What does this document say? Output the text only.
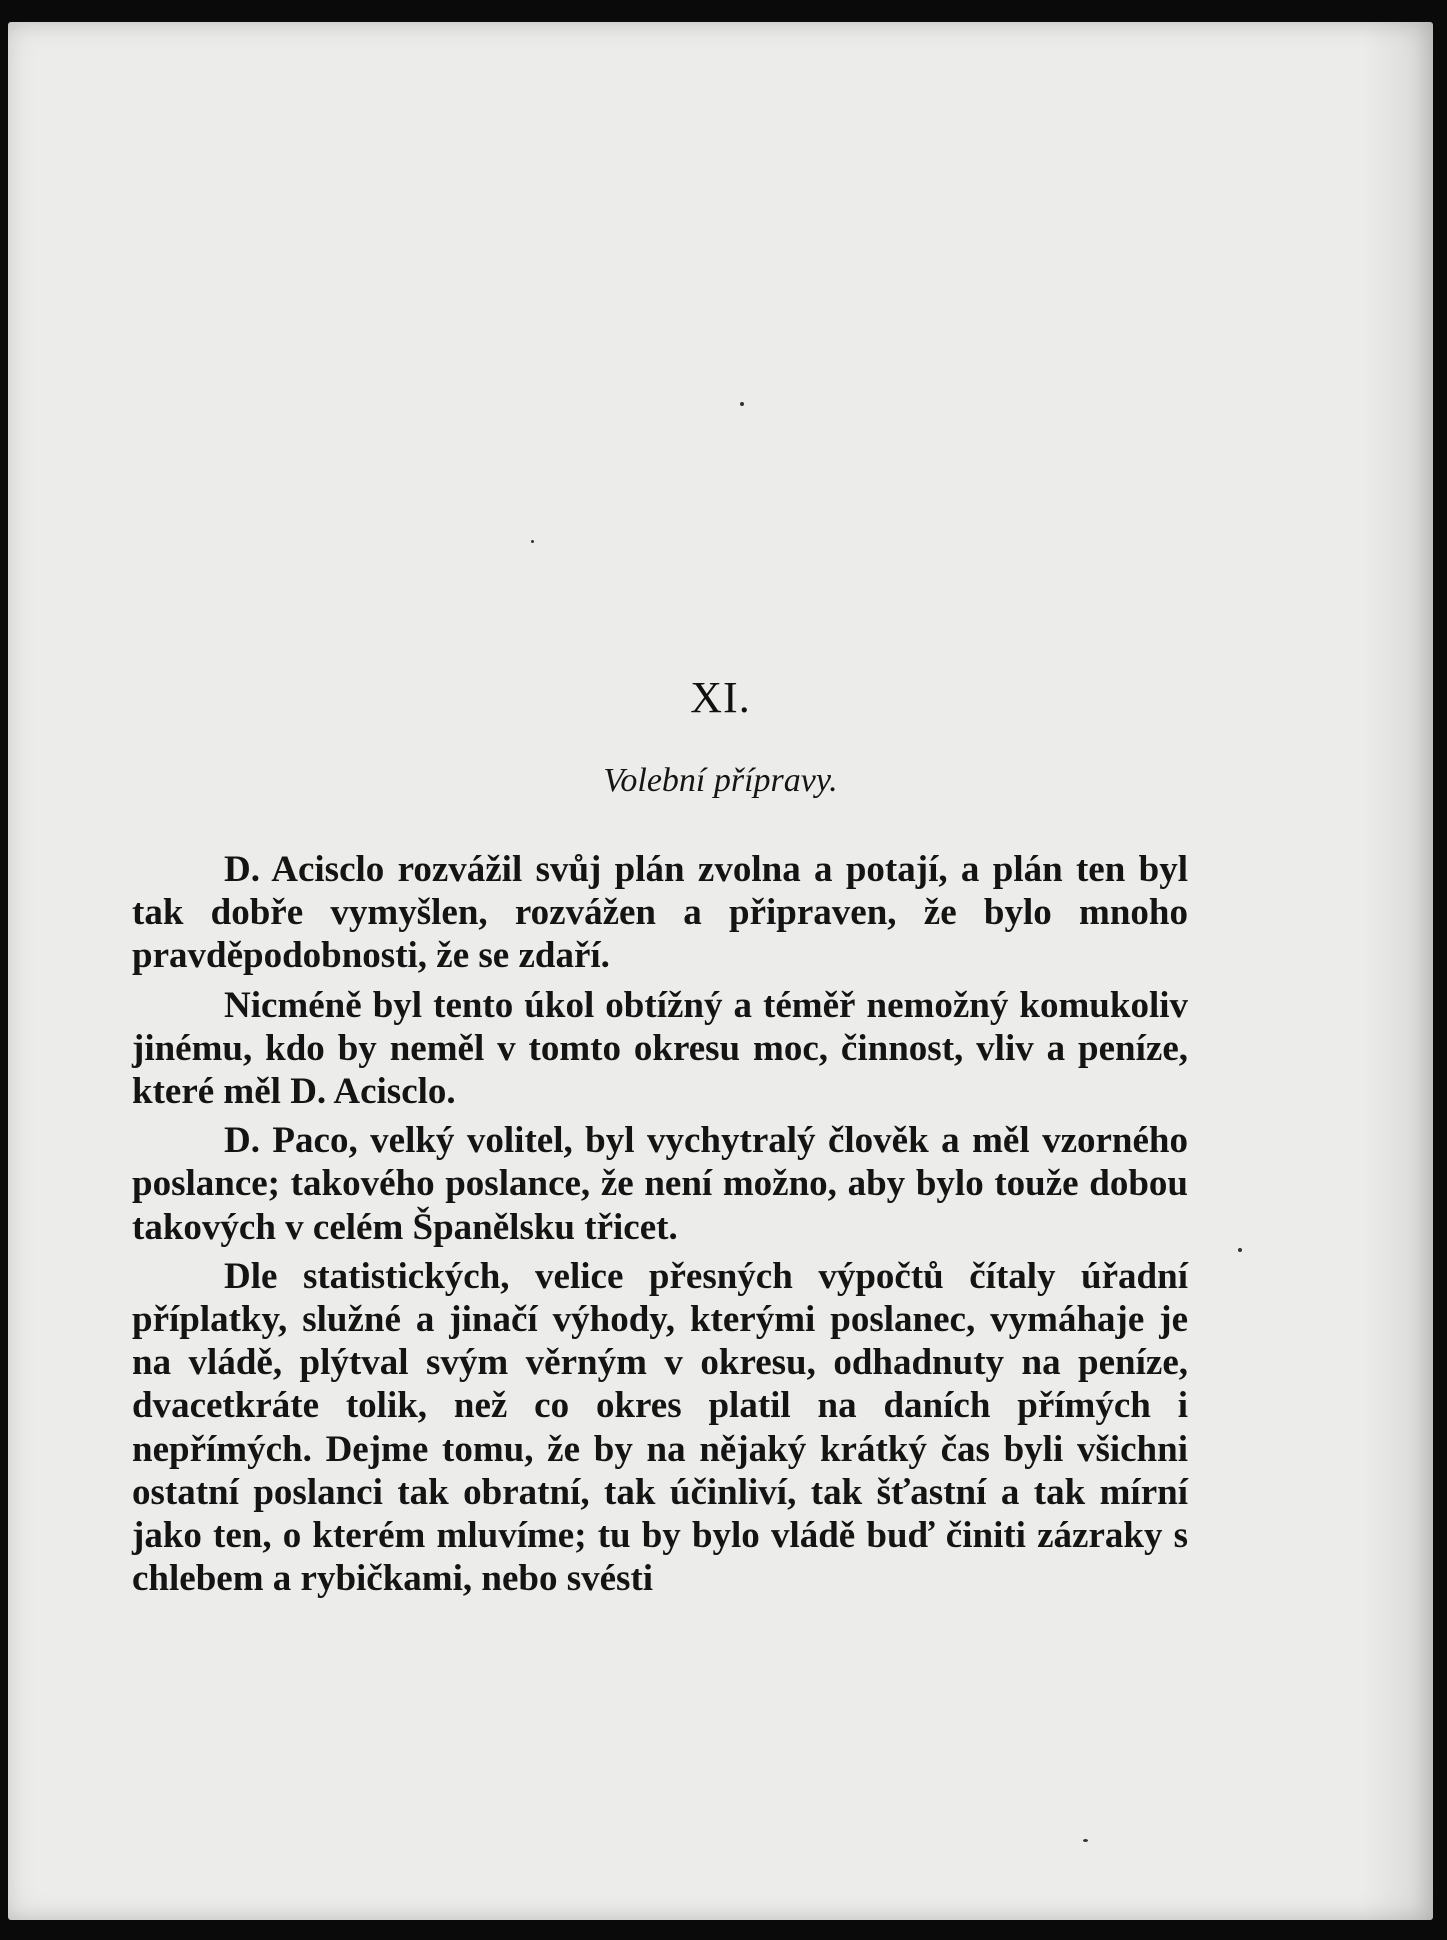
XI.
Volební přípravy.

D. Acisclo rozvážil svůj plán zvolna a potají, a plán ten byl tak dobře vymyšlen, rozvážen a připraven, že bylo mnoho pravděpodobnosti, že se zdaří.

Nicméně byl tento úkol obtížný a téměř nemožný komukoliv jinému, kdo by neměl v tomto okresu moc, činnost, vliv a peníze, které měl D. Acisclo.

D. Paco, velký volitel, byl vychytralý člověk a měl vzorného poslance; takového poslance, že není možno, aby bylo touže dobou takových v celém Španělsku třicet.

Dle statistických, velice přesných výpočtů čítaly úřadní příplatky, služné a jinačí výhody, kterými poslanec, vymáhaje je na vládě, plýtval svým věrným v okresu, odhadnuty na peníze, dvacetkráte tolik, než co okres platil na daních přímých i nepřímých. Dejme tomu, že by na nějaký krátký čas byli všichni ostatní poslanci tak obratní, tak účinliví, tak šťastní a tak mírní jako ten, o kterém mluvíme; tu by bylo vládě buď činiti zázraky s chlebem a rybičkami, nebo svésti
